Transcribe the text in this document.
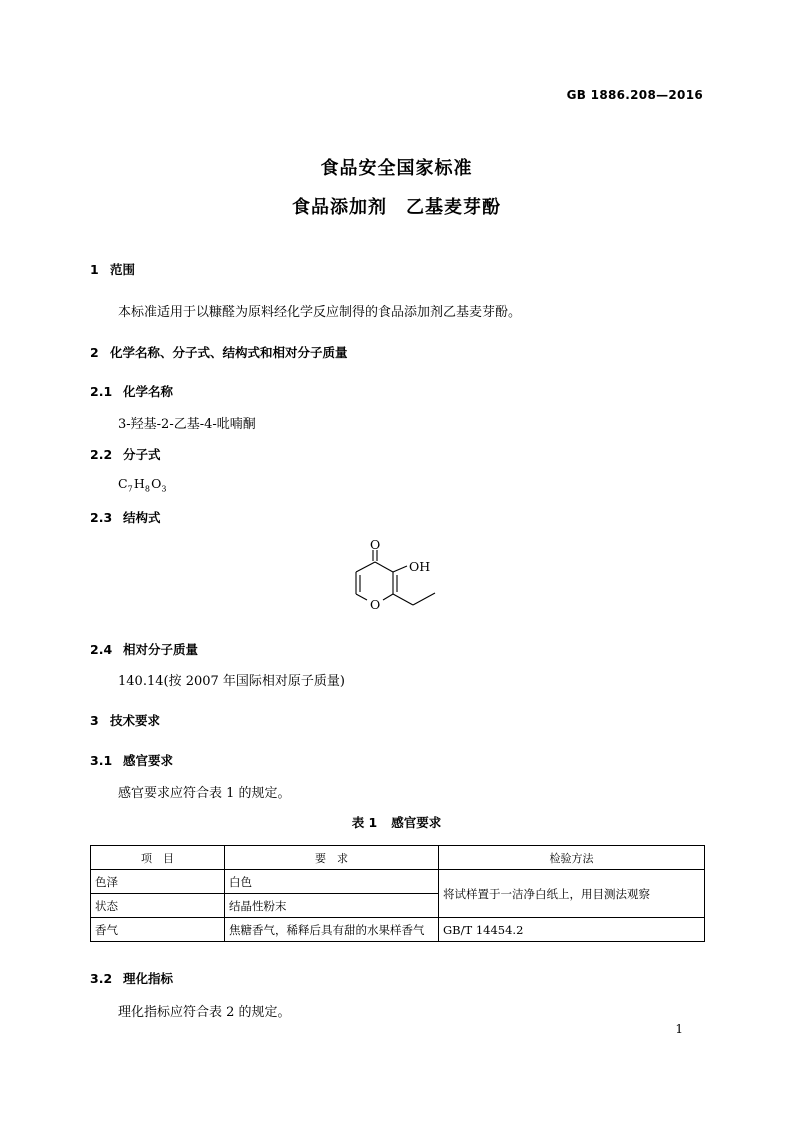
GB 1886.208—2016
食品安全国家标准
食品添加剂　乙基麦芽酚
1 范围
本标准适用于以糠醛为原料经化学反应制得的食品添加剂乙基麦芽酚。
2 化学名称、分子式、结构式和相对分子质量
2.1 化学名称
3-羟基-2-乙基-4-吡喃酮
2.2 分子式
$C_7$ $H_8$ $O_3$
2.3 结构式
O
OH
O
2.4 相对分子质量
140.14(按 2007 年国际相对原子质量)
3 技术要求
3.1 感官要求
感官要求应符合表 1 的规定。
表 1 感官要求
项　目	要　求	检验方法
色泽	白色	将试样置于一洁净白纸上，用目测法观察
状态	结晶性粉末	
香气	焦糖香气，稀释后具有甜的水果样香气	GB/T 14454.2
3.2 理化指标
理化指标应符合表 2 的规定。
1
